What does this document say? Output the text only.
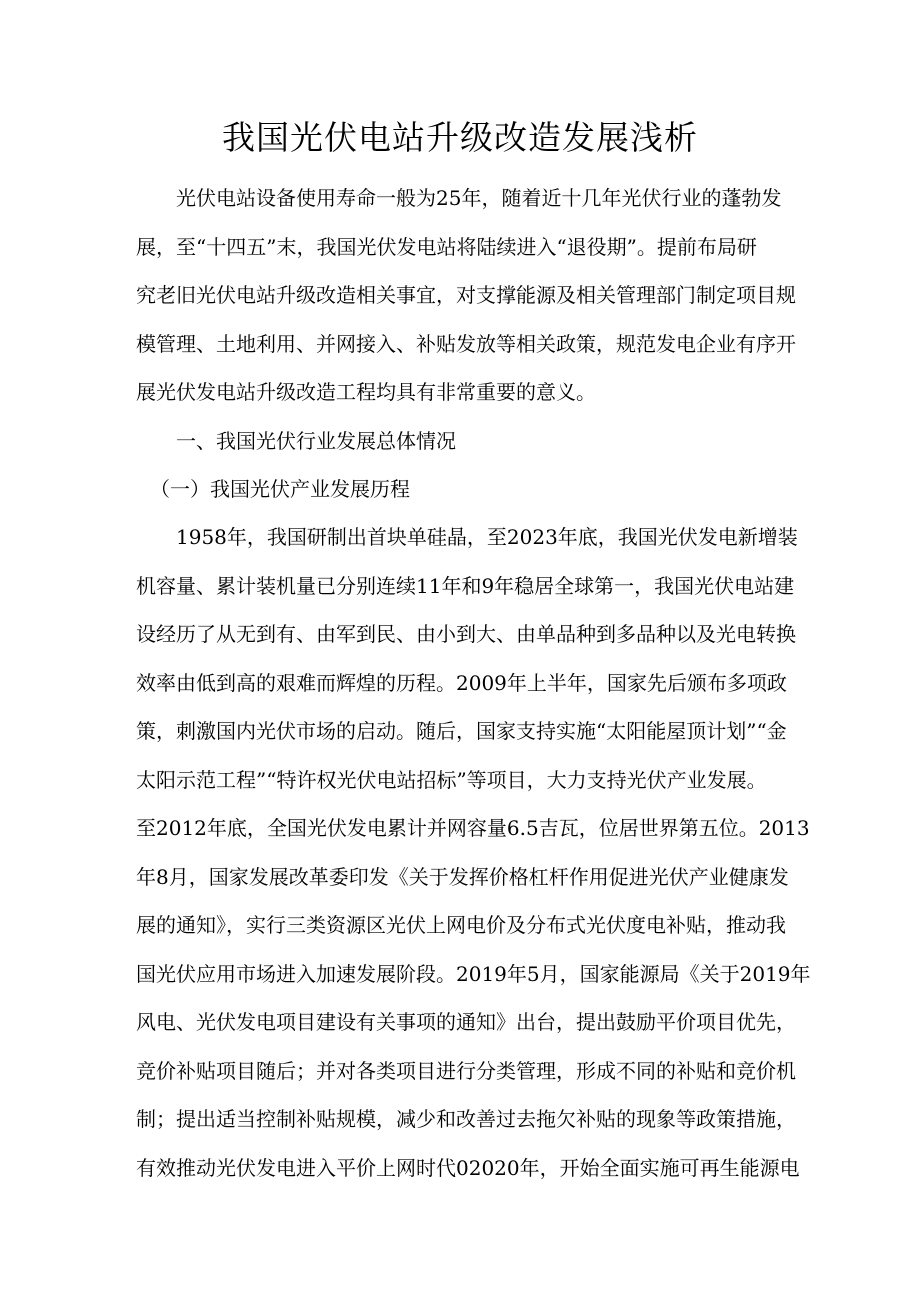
我国光伏电站升级改造发展浅析

光伏电站设备使用寿命一般为25年，随着近十几年光伏行业的蓬勃发
展，至“十四五”末，我国光伏发电站将陆续进入“退役期”。提前布局研
究老旧光伏电站升级改造相关事宜，对支撑能源及相关管理部门制定项目规
模管理、土地利用、并网接入、补贴发放等相关政策，规范发电企业有序开
展光伏发电站升级改造工程均具有非常重要的意义。

一、我国光伏行业发展总体情况

（一）我国光伏产业发展历程

1958年，我国研制出首块单硅晶，至2023年底，我国光伏发电新增装
机容量、累计装机量已分别连续11年和9年稳居全球第一，我国光伏电站建
设经历了从无到有、由军到民、由小到大、由单品种到多品种以及光电转换
效率由低到高的艰难而辉煌的历程。2009年上半年，国家先后颁布多项政
策，刺激国内光伏市场的启动。随后，国家支持实施“太阳能屋顶计划”“金
太阳示范工程”“特许权光伏电站招标”等项目，大力支持光伏产业发展。
至2012年底，全国光伏发电累计并网容量6.5吉瓦，位居世界第五位。2013
年8月，国家发展改革委印发《关于发挥价格杠杆作用促进光伏产业健康发
展的通知》，实行三类资源区光伏上网电价及分布式光伏度电补贴，推动我
国光伏应用市场进入加速发展阶段。2019年5月，国家能源局《关于2019年
风电、光伏发电项目建设有关事项的通知》出台，提出鼓励平价项目优先，
竞价补贴项目随后；并对各类项目进行分类管理，形成不同的补贴和竞价机
制；提出适当控制补贴规模，减少和改善过去拖欠补贴的现象等政策措施，
有效推动光伏发电进入平价上网时代02020年，开始全面实施可再生能源电
